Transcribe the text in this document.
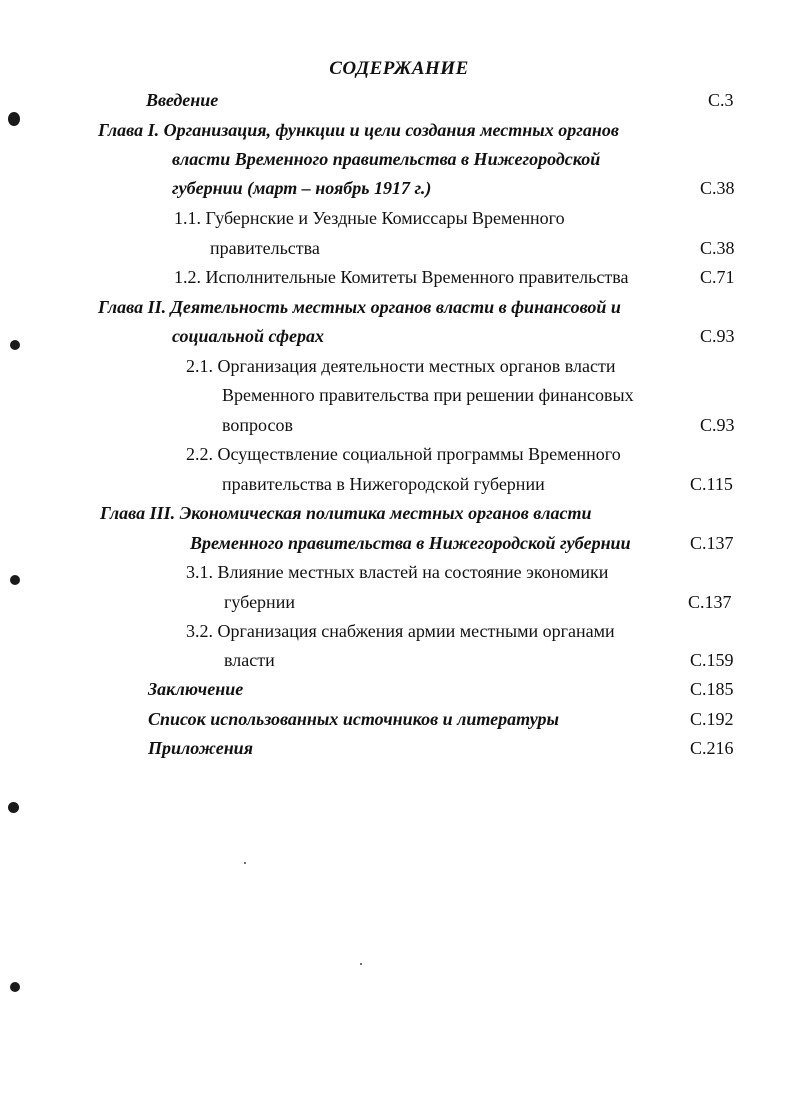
СОДЕРЖАНИЕ
Введение	С.3
Глава I. Организация, функции и цели создания местных органов
власти Временного правительства в Нижегородской
губернии (март – ноябрь 1917 г.)	С.38
1.1. Губернские и Уездные Комиссары Временного
правительства	С.38
1.2. Исполнительные Комитеты Временного правительства	С.71
Глава II. Деятельность местных органов власти в финансовой и
социальной сферах	С.93
2.1. Организация деятельности местных органов власти
Временного правительства при решении финансовых
вопросов	С.93
2.2. Осуществление социальной программы Временного
правительства в Нижегородской губернии	С.115
Глава III. Экономическая политика местных органов власти
Временного правительства в Нижегородской губернии	С.137
3.1. Влияние местных властей на состояние экономики
губернии	С.137
3.2. Организация снабжения армии местными органами
власти	С.159
Заключение	С.185
Список использованных источников и литературы	С.192
Приложения	С.216
